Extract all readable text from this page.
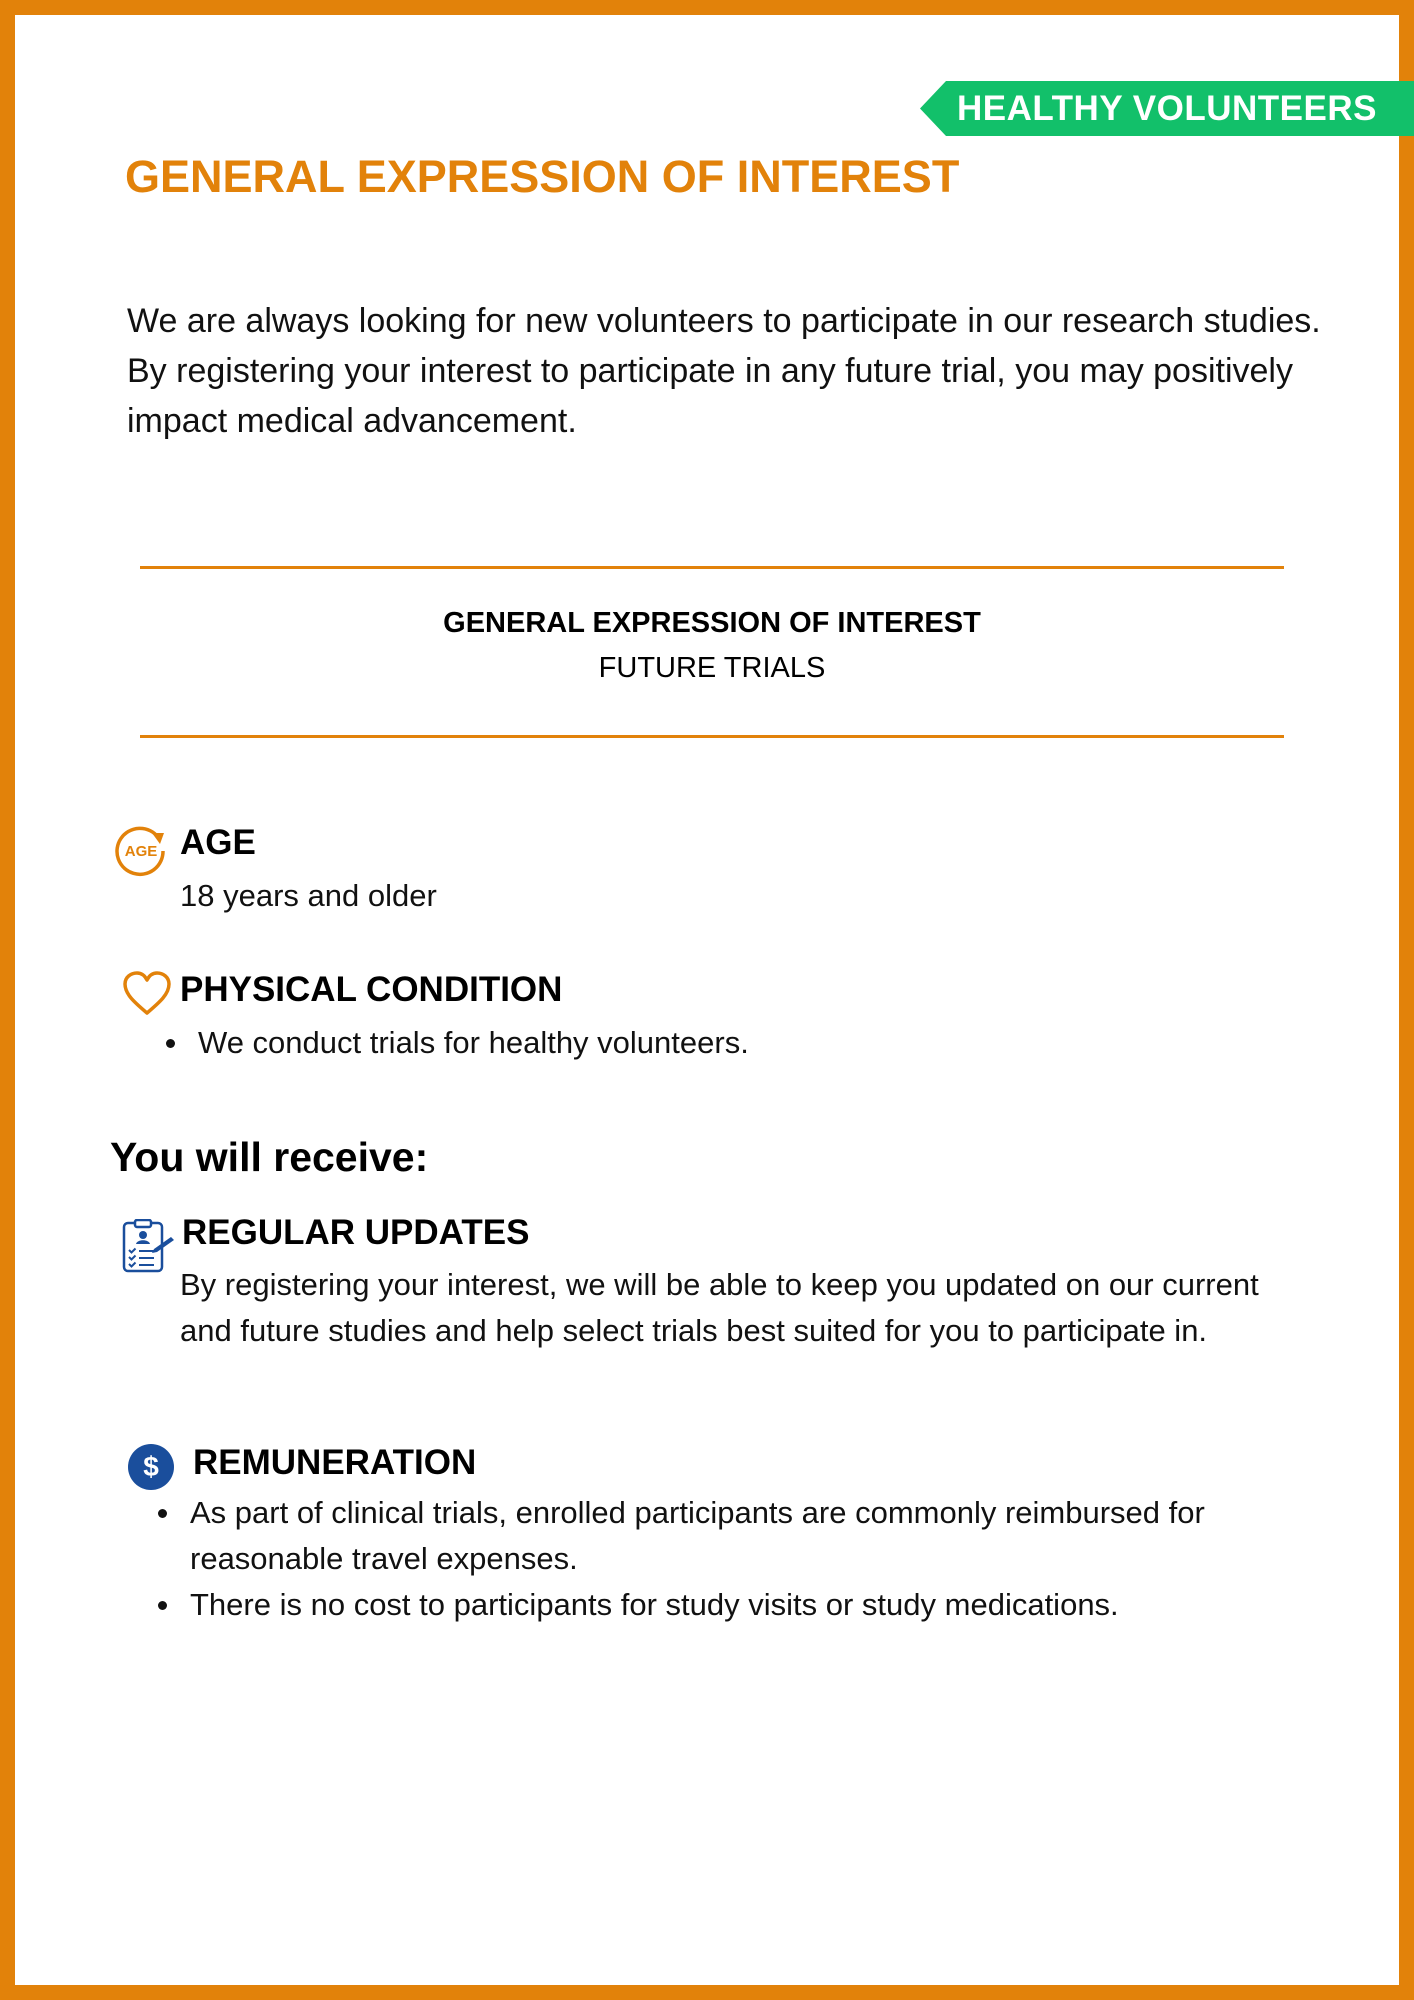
HEALTHY VOLUNTEERS
GENERAL EXPRESSION OF INTEREST

We are always looking for new volunteers to participate in our research studies. By registering your interest to participate in any future trial, you may positively impact medical advancement.

GENERAL EXPRESSION OF INTEREST
FUTURE TRIALS
AGE AGE

18 years and older

PHYSICAL CONDITION
We conduct trials for healthy volunteers.
You will receive:
REGULAR UPDATES

By registering your interest, we will be able to keep you updated on our current and future studies and help select trials best suited for you to participate in.

$ REMUNERATION
As part of clinical trials, enrolled participants are commonly reimbursed for reasonable travel expenses.
There is no cost to participants for study visits or study medications.
